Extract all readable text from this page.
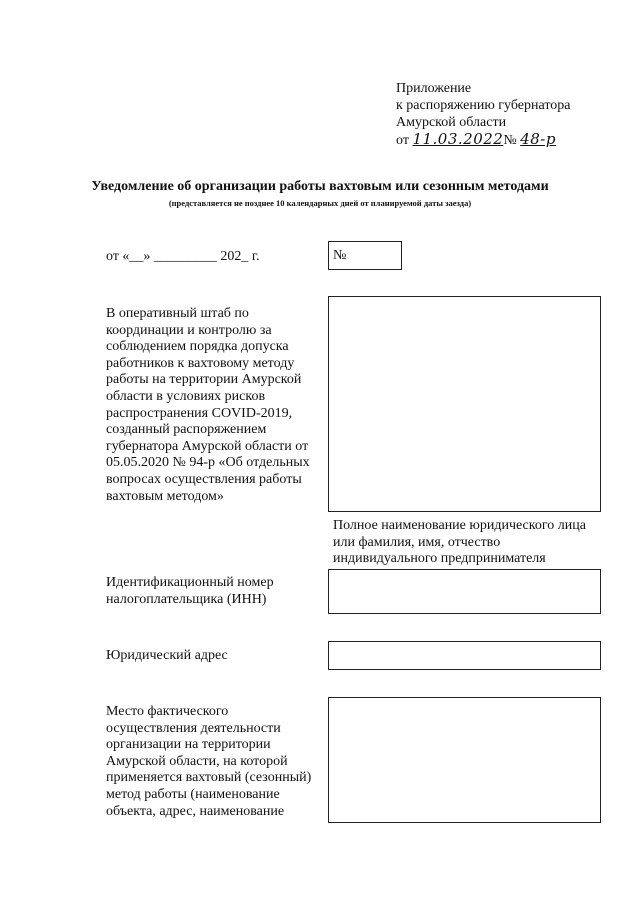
Приложение
к распоряжению губернатора
Амурской области
от 11.03.2022№ 48-р
Уведомление об организации работы вахтовым или сезонным методами
(представляется не позднее 10 календарных дней от планируемой даты заезда)
от «__» _________ 202_ г.	№
В оперативный штаб по
координации и контролю за
соблюдением порядка допуска
работников к вахтовому методу
работы на территории Амурской
области в условиях рисков
распространения COVID-2019,
созданный распоряжением
губернатора Амурской области от
05.05.2020 № 94-р «Об отдельных
вопросах осуществления работы
вахтовым методом»
Полное наименование юридического лица
или фамилия, имя, отчество
индивидуального предпринимателя
Идентификационный номер
налогоплательщика (ИНН)
Юридический адрес
Место фактического
осуществления деятельности
организации на территории
Амурской области, на которой
применяется вахтовый (сезонный)
метод работы (наименование
объекта, адрес, наименование
